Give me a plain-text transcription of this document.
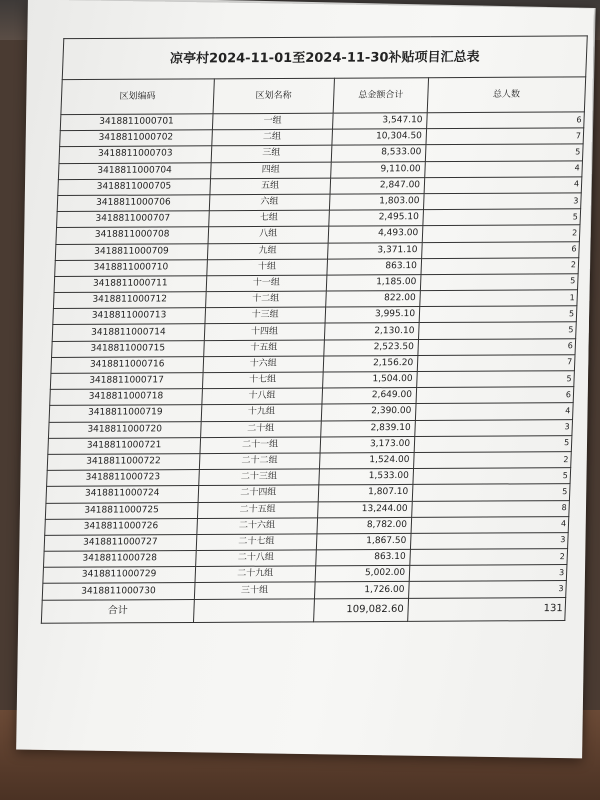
凉亭村2024-11-01至2024-11-30补贴项目汇总表			
区划编码	区划名称	总金额合计	总人数
3418811000701	一组	3,547.10	6
3418811000702	二组	10,304.50	7
3418811000703	三组	8,533.00	5
3418811000704	四组	9,110.00	4
3418811000705	五组	2,847.00	4
3418811000706	六组	1,803.00	3
3418811000707	七组	2,495.10	5
3418811000708	八组	4,493.00	2
3418811000709	九组	3,371.10	6
3418811000710	十组	863.10	2
3418811000711	十一组	1,185.00	5
3418811000712	十二组	822.00	1
3418811000713	十三组	3,995.10	5
3418811000714	十四组	2,130.10	5
3418811000715	十五组	2,523.50	6
3418811000716	十六组	2,156.20	7
3418811000717	十七组	1,504.00	5
3418811000718	十八组	2,649.00	6
3418811000719	十九组	2,390.00	4
3418811000720	二十组	2,839.10	3
3418811000721	二十一组	3,173.00	5
3418811000722	二十二组	1,524.00	2
3418811000723	二十三组	1,533.00	5
3418811000724	二十四组	1,807.10	5
3418811000725	二十五组	13,244.00	8
3418811000726	二十六组	8,782.00	4
3418811000727	二十七组	1,867.50	3
3418811000728	二十八组	863.10	2
3418811000729	二十九组	5,002.00	3
3418811000730	三十组	1,726.00	3
合计		109,082.60	131
